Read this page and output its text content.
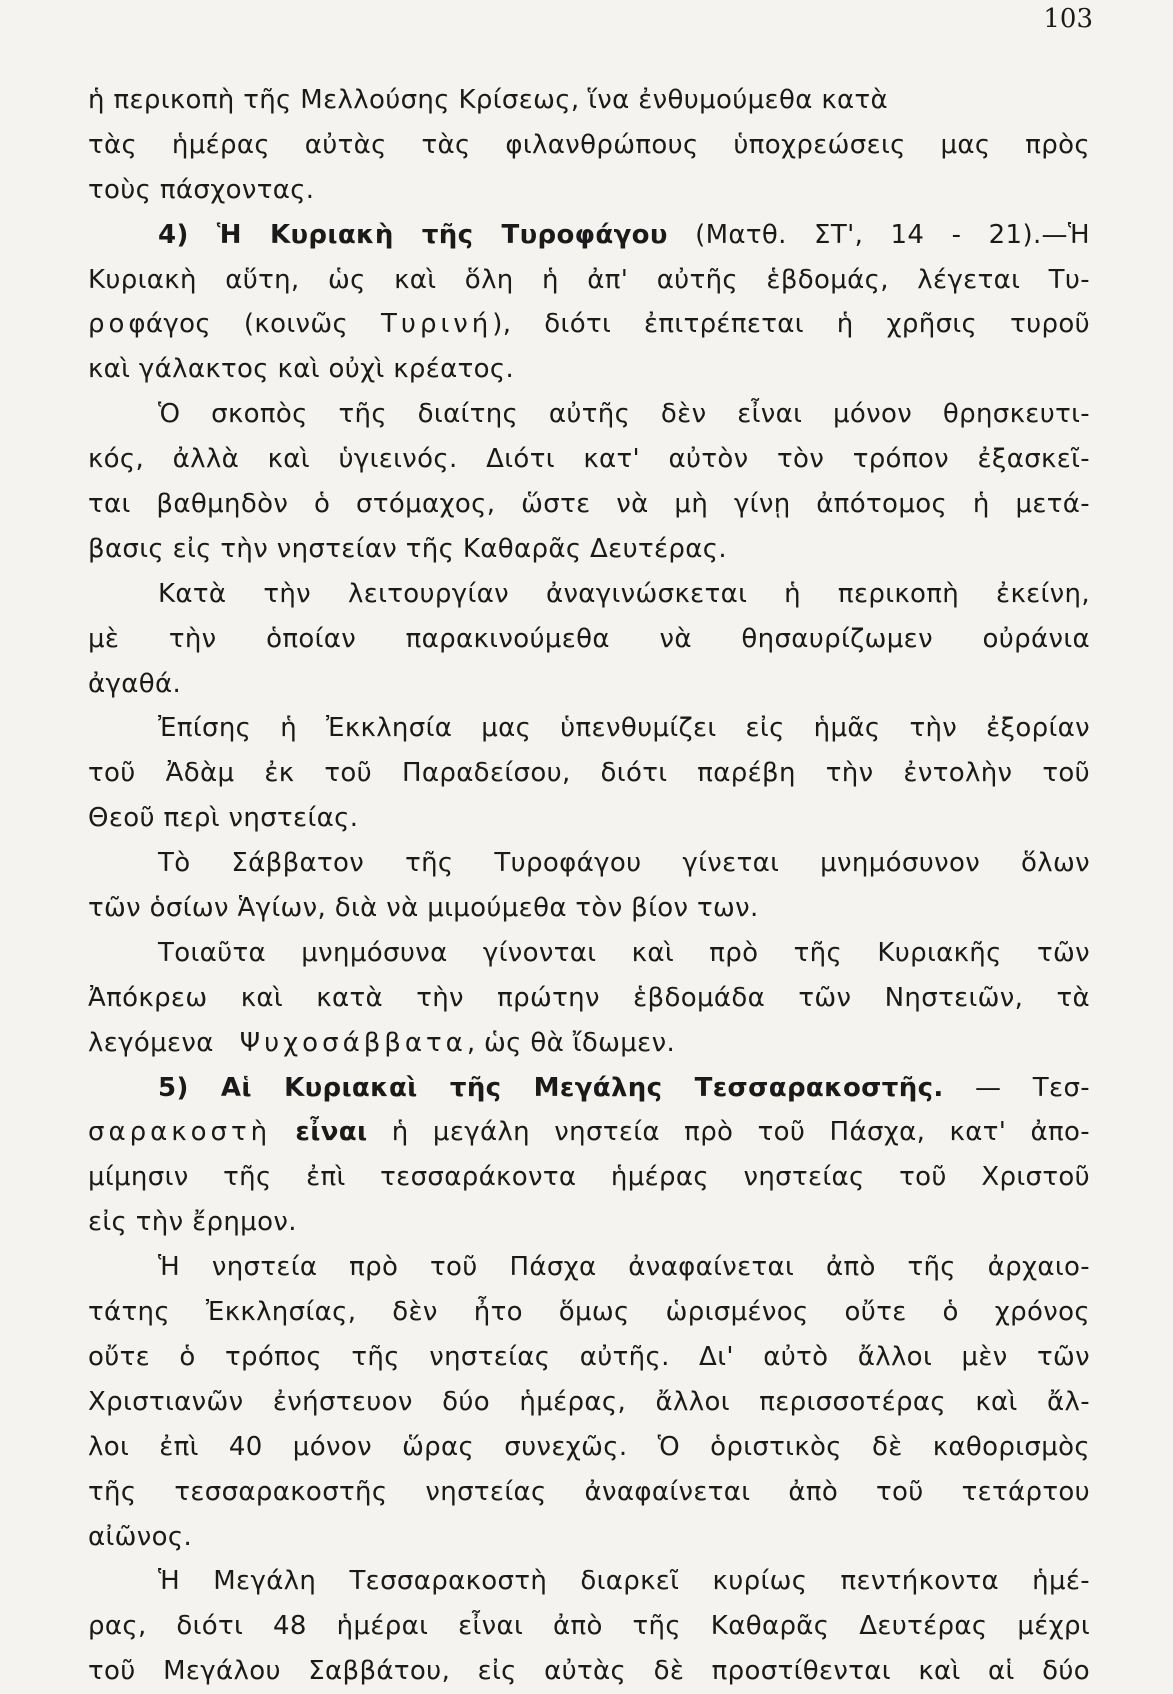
103
ἡ περικοπὴ τῆς Μελλούσης Κρίσεως, ἵνα ἐνθυμούμεθα κατὰ
τὰς ἡμέρας αὐτὰς τὰς φιλανθρώπους ὑποχρεώσεις μας πρὸς
τοὺς πάσχοντας.
4) Ἡ Κυριακὴ τῆς Τυροφάγου (Ματθ. ΣΤ', 14 - 21).—Ἡ
Κυριακὴ αὕτη, ὡς καὶ ὅλη ἡ ἀπ' αὐτῆς ἑβδομάς, λέγεται Τυ-
ροφάγος (κοινῶς Τυρινή), διότι ἐπιτρέπεται ἡ χρῆσις τυροῦ
καὶ γάλακτος καὶ οὐχὶ κρέατος.
Ὁ σκοπὸς τῆς διαίτης αὐτῆς δὲν εἶναι μόνον θρησκευτι-
κός, ἀλλὰ καὶ ὑγιεινός. Διότι κατ' αὐτὸν τὸν τρόπον ἐξασκεῖ-
ται βαθμηδὸν ὁ στόμαχος, ὥστε νὰ μὴ γίνῃ ἀπότομος ἡ μετά-
βασις εἰς τὴν νηστείαν τῆς Καθαρᾶς Δευτέρας.
Κατὰ τὴν λειτουργίαν ἀναγινώσκεται ἡ περικοπὴ ἐκείνη,
μὲ τὴν ὁποίαν παρακινούμεθα νὰ θησαυρίζωμεν οὐράνια
ἀγαθά.
Ἐπίσης ἡ Ἐκκλησία μας ὑπενθυμίζει εἰς ἡμᾶς τὴν ἐξορίαν
τοῦ Ἀδὰμ ἐκ τοῦ Παραδείσου, διότι παρέβη τὴν ἐντολὴν τοῦ
Θεοῦ περὶ νηστείας.
Τὸ Σάββατον τῆς Τυροφάγου γίνεται μνημόσυνον ὅλων
τῶν ὁσίων Ἁγίων, διὰ νὰ μιμούμεθα τὸν βίον των.
Τοιαῦτα μνημόσυνα γίνονται καὶ πρὸ τῆς Κυριακῆς τῶν
Ἀπόκρεω καὶ κατὰ τὴν πρώτην ἑβδομάδα τῶν Νηστειῶν, τὰ
λεγόμενα Ψυχοσάββατα, ὡς θὰ ἴδωμεν.
5) Αἱ Κυριακαὶ τῆς Μεγάλης Τεσσαρακοστῆς. — Τεσ-
σαρακοστὴ εἶναι ἡ μεγάλη νηστεία πρὸ τοῦ Πάσχα, κατ' ἀπο-
μίμησιν τῆς ἐπὶ τεσσαράκοντα ἡμέρας νηστείας τοῦ Χριστοῦ
εἰς τὴν ἔρημον.
Ἡ νηστεία πρὸ τοῦ Πάσχα ἀναφαίνεται ἀπὸ τῆς ἀρχαιο-
τάτης Ἐκκλησίας, δὲν ἦτο ὅμως ὡρισμένος οὔτε ὁ χρόνος
οὔτε ὁ τρόπος τῆς νηστείας αὐτῆς. Δι' αὐτὸ ἄλλοι μὲν τῶν
Χριστιανῶν ἐνήστευον δύο ἡμέρας, ἄλλοι περισσοτέρας καὶ ἄλ-
λοι ἐπὶ 40 μόνον ὥρας συνεχῶς. Ὁ ὁριστικὸς δὲ καθορισμὸς
τῆς τεσσαρακοστῆς νηστείας ἀναφαίνεται ἀπὸ τοῦ τετάρτου
αἰῶνος.
Ἡ Μεγάλη Τεσσαρακοστὴ διαρκεῖ κυρίως πεντήκοντα ἡμέ-
ρας, διότι 48 ἡμέραι εἶναι ἀπὸ τῆς Καθαρᾶς Δευτέρας μέχρι
τοῦ Μεγάλου Σαββάτου, εἰς αὐτὰς δὲ προστίθενται καὶ αἱ δύο
